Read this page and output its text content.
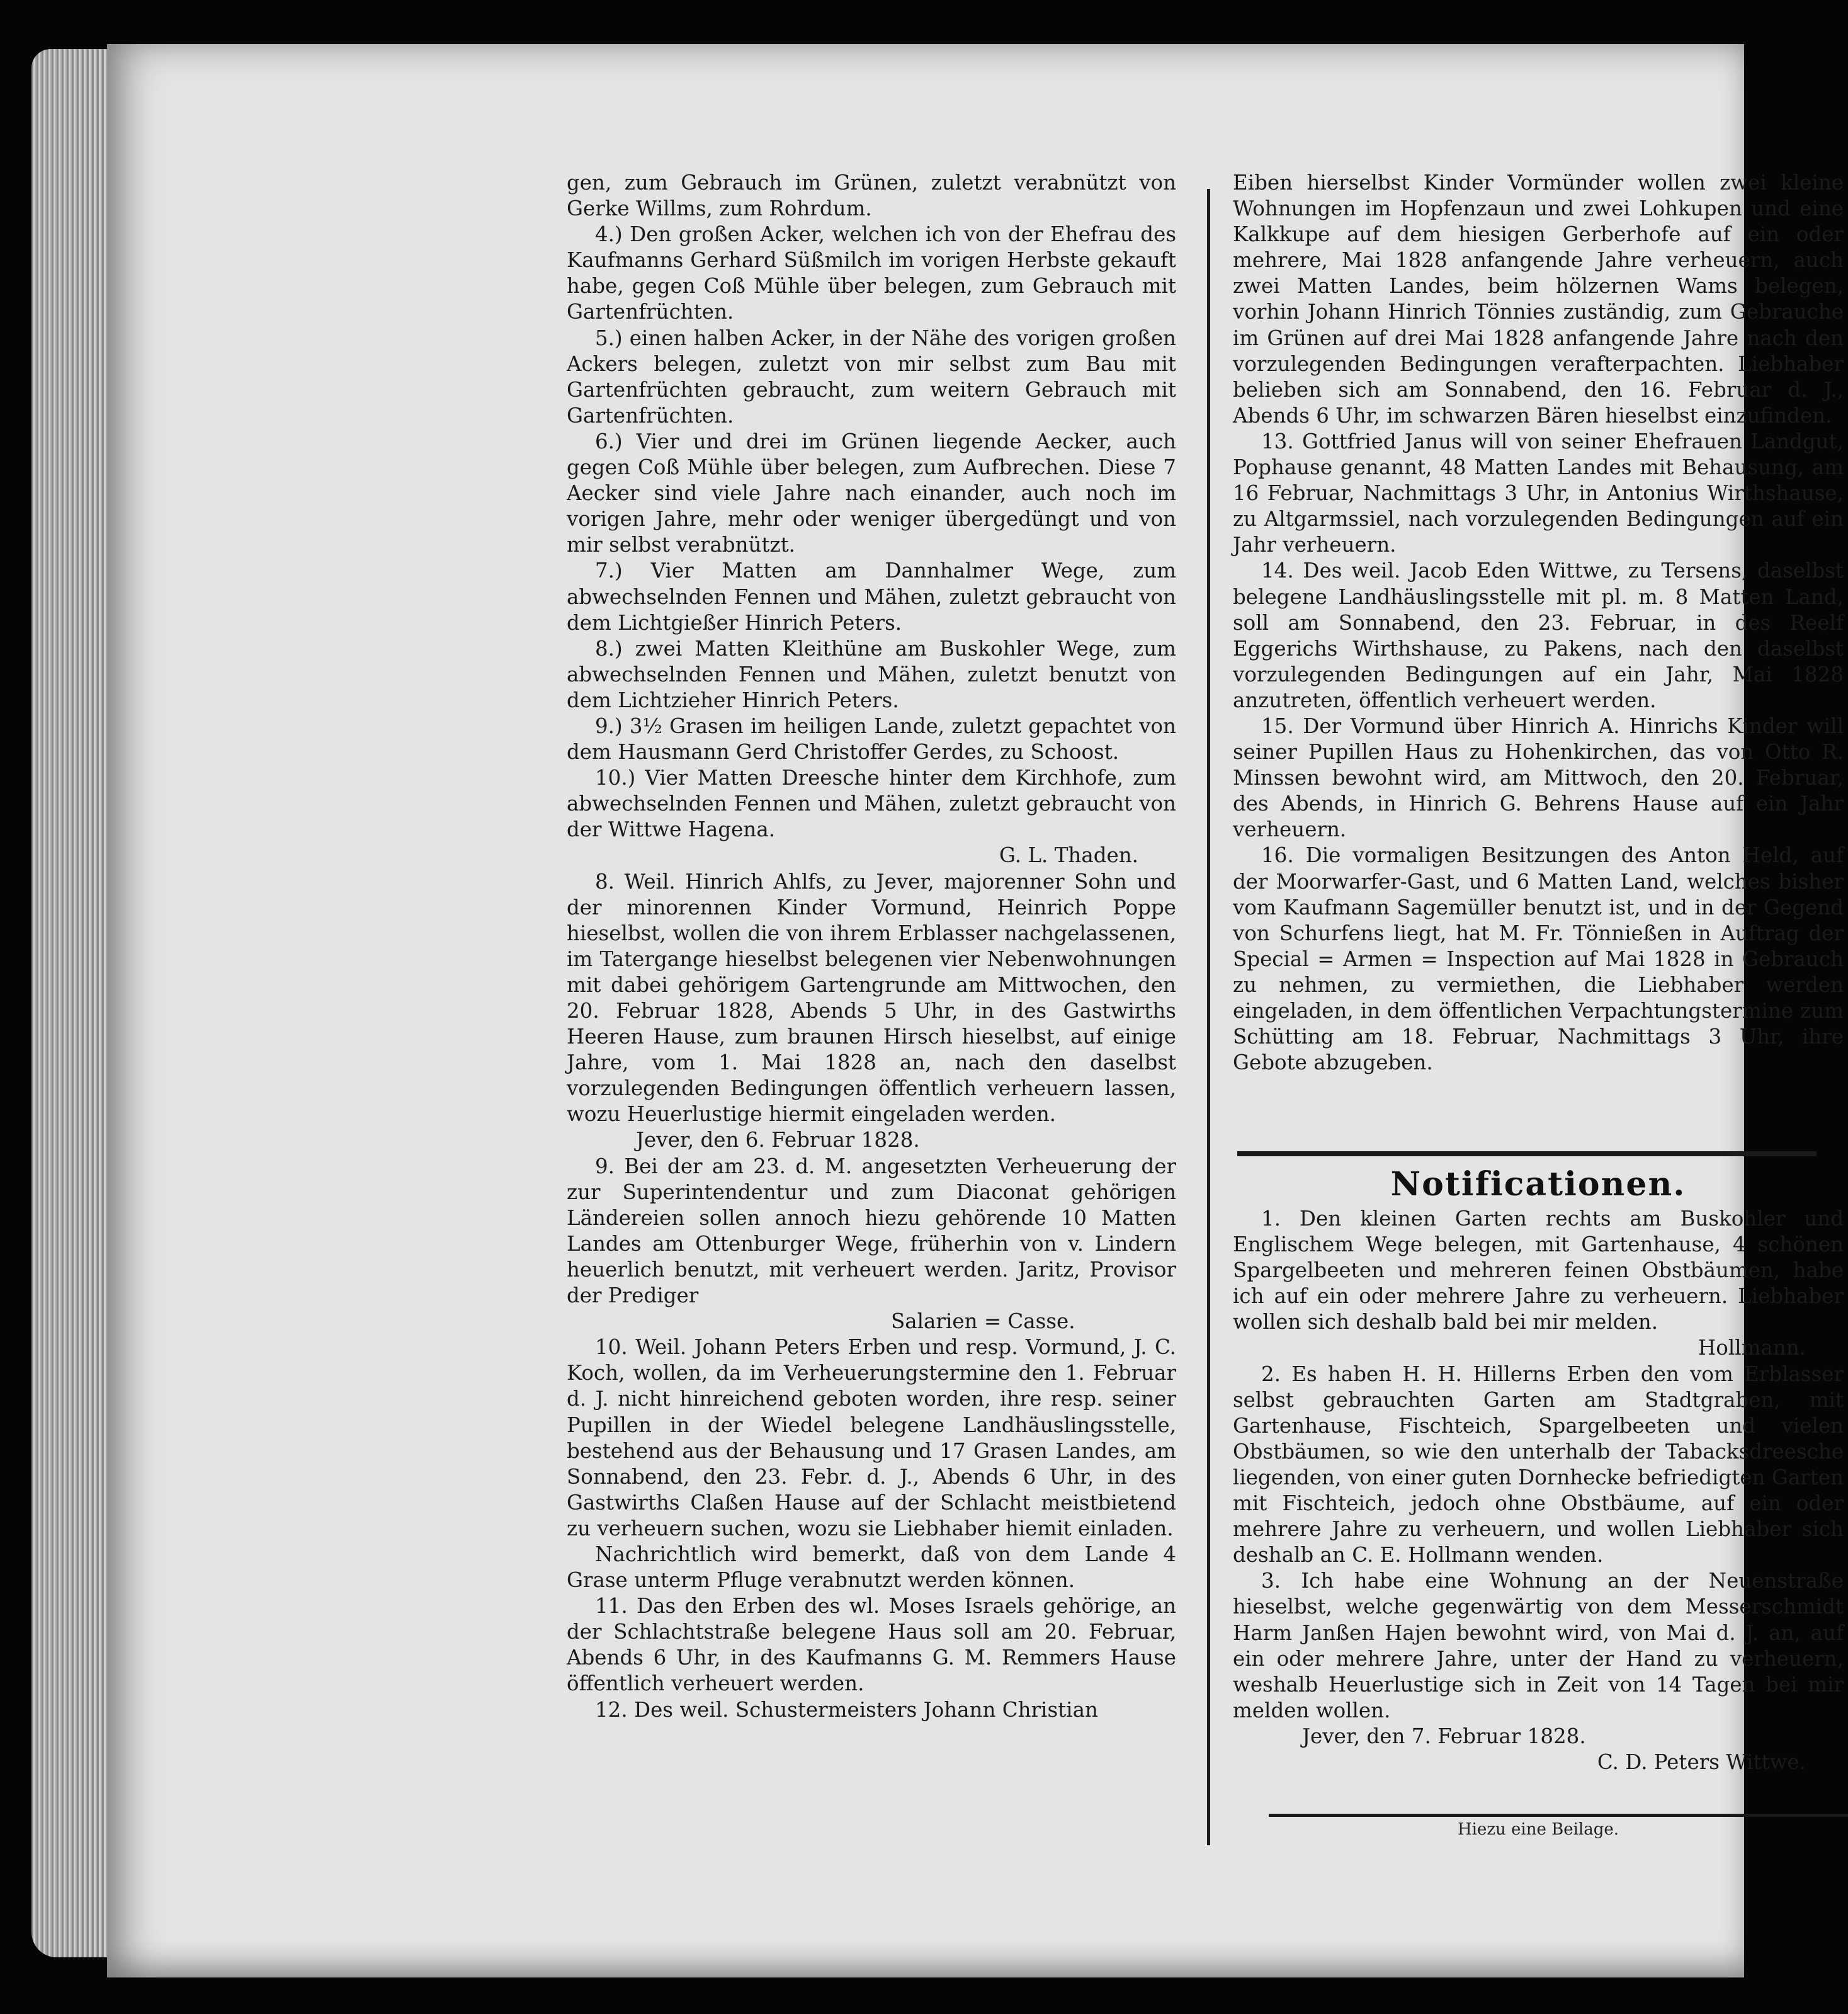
gen, zum Gebrauch im Grünen, zuletzt verabnützt von Gerke Willms, zum Rohrdum.

4.) Den großen Acker, welchen ich von der Ehefrau des Kaufmanns Gerhard Süßmilch im vorigen Herbste gekauft habe, gegen Coß Mühle über belegen, zum Gebrauch mit Gartenfrüchten.

5.) einen halben Acker, in der Nähe des vorigen großen Ackers belegen, zuletzt von mir selbst zum Bau mit Gartenfrüchten gebraucht, zum weitern Gebrauch mit Gartenfrüchten.

6.) Vier und drei im Grünen liegende Aecker, auch gegen Coß Mühle über belegen, zum Aufbrechen. Diese 7 Aecker sind viele Jahre nach einander, auch noch im vorigen Jahre, mehr oder weniger übergedüngt und von mir selbst verabnützt.

7.) Vier Matten am Dannhalmer Wege, zum abwechselnden Fennen und Mähen, zuletzt gebraucht von dem Lichtgießer Hinrich Peters.

8.) zwei Matten Kleithüne am Buskohler Wege, zum abwechselnden Fennen und Mähen, zuletzt benutzt von dem Lichtzieher Hinrich Peters.

9.) 3½ Grasen im heiligen Lande, zuletzt gepachtet von dem Hausmann Gerd Christoffer Gerdes, zu Schoost.

10.) Vier Matten Dreesche hinter dem Kirchhofe, zum abwechselnden Fennen und Mähen, zuletzt gebraucht von der Wittwe Hagena.

G. L. Thaden.

8. Weil. Hinrich Ahlfs, zu Jever, majorenner Sohn und der minorennen Kinder Vormund, Heinrich Poppe hieselbst, wollen die von ihrem Erblasser nachgelassenen, im Tatergange hieselbst belegenen vier Nebenwohnungen mit dabei gehörigem Gartengrunde am Mittwochen, den 20. Februar 1828, Abends 5 Uhr, in des Gastwirths Heeren Hause, zum braunen Hirsch hieselbst, auf einige Jahre, vom 1. Mai 1828 an, nach den daselbst vorzulegenden Bedingungen öffentlich verheuern lassen, wozu Heuerlustige hiermit eingeladen werden.

Jever, den 6. Februar 1828.

9. Bei der am 23. d. M. angesetzten Verheuerung der zur Superintendentur und zum Diaconat gehörigen Ländereien sollen annoch hiezu gehörende 10 Matten Landes am Ottenburger Wege, früherhin von v. Lindern heuerlich benutzt, mit verheuert werden. Jaritz, Provisor der Prediger

Salarien = Casse.

10. Weil. Johann Peters Erben und resp. Vormund, J. C. Koch, wollen, da im Verheuerungstermine den 1. Februar d. J. nicht hinreichend geboten worden, ihre resp. seiner Pupillen in der Wiedel belegene Landhäuslingsstelle, bestehend aus der Behausung und 17 Grasen Landes, am Sonnabend, den 23. Febr. d. J., Abends 6 Uhr, in des Gastwirths Claßen Hause auf der Schlacht meistbietend zu verheuern suchen, wozu sie Liebhaber hiemit einladen.

Nachrichtlich wird bemerkt, daß von dem Lande 4 Grase unterm Pfluge verabnutzt werden können.

11. Das den Erben des wl. Moses Israels gehörige, an der Schlachtstraße belegene Haus soll am 20. Februar, Abends 6 Uhr, in des Kaufmanns G. M. Remmers Hause öffentlich verheuert werden.

12. Des weil. Schustermeisters Johann Christian

Eiben hierselbst Kinder Vormünder wollen zwei kleine Wohnungen im Hopfenzaun und zwei Lohkupen und eine Kalkkupe auf dem hiesigen Gerberhofe auf ein oder mehrere, Mai 1828 anfangende Jahre verheuern, auch zwei Matten Landes, beim hölzernen Wams belegen, vorhin Johann Hinrich Tönnies zuständig, zum Gebrauche im Grünen auf drei Mai 1828 anfangende Jahre nach den vorzulegenden Bedingungen verafterpachten. Liebhaber belieben sich am Sonnabend, den 16. Februar d. J., Abends 6 Uhr, im schwarzen Bären hieselbst einzufinden.

13. Gottfried Janus will von seiner Ehefrauen Landgut, Pophause genannt, 48 Matten Landes mit Behausung, am 16 Februar, Nachmittags 3 Uhr, in Antonius Wirthshause, zu Altgarmssiel, nach vorzulegenden Bedingungen auf ein Jahr verheuern.

14. Des weil. Jacob Eden Wittwe, zu Tersens, daselbst belegene Landhäuslingsstelle mit pl. m. 8 Matten Land, soll am Sonnabend, den 23. Februar, in des Reelf Eggerichs Wirthshause, zu Pakens, nach den daselbst vorzulegenden Bedingungen auf ein Jahr, Mai 1828 anzutreten, öffentlich verheuert werden.

15. Der Vormund über Hinrich A. Hinrichs Kinder will seiner Pupillen Haus zu Hohenkirchen, das von Otto R. Minssen bewohnt wird, am Mittwoch, den 20. Februar, des Abends, in Hinrich G. Behrens Hause auf ein Jahr verheuern.

16. Die vormaligen Besitzungen des Anton Held, auf der Moorwarfer-Gast, und 6 Matten Land, welches bisher vom Kaufmann Sagemüller benutzt ist, und in der Gegend von Schurfens liegt, hat M. Fr. Tönnießen in Auftrag der Special = Armen = Inspection auf Mai 1828 in Gebrauch zu nehmen, zu vermiethen, die Liebhaber werden eingeladen, in dem öffentlichen Verpachtungstermine zum Schütting am 18. Februar, Nachmittags 3 Uhr, ihre Gebote abzugeben.

Notificationen.

1. Den kleinen Garten rechts am Buskohler und Englischem Wege belegen, mit Gartenhause, 4 schönen Spargelbeeten und mehreren feinen Obstbäumen, habe ich auf ein oder mehrere Jahre zu verheuern. Liebhaber wollen sich deshalb bald bei mir melden.

Hollmann.

2. Es haben H. H. Hillerns Erben den vom Erblasser selbst gebrauchten Garten am Stadtgraben, mit Gartenhause, Fischteich, Spargelbeeten und vielen Obstbäumen, so wie den unterhalb der Tabacksdreesche liegenden, von einer guten Dornhecke befriedigten Garten mit Fischteich, jedoch ohne Obstbäume, auf ein oder mehrere Jahre zu verheuern, und wollen Liebhaber sich deshalb an C. E. Hollmann wenden.

3. Ich habe eine Wohnung an der Neuenstraße hieselbst, welche gegenwärtig von dem Messerschmidt Harm Janßen Hajen bewohnt wird, von Mai d. J. an, auf ein oder mehrere Jahre, unter der Hand zu verheuern, weshalb Heuerlustige sich in Zeit von 14 Tagen bei mir melden wollen.

Jever, den 7. Februar 1828.

C. D. Peters Wittwe.

Hiezu eine Beilage.
